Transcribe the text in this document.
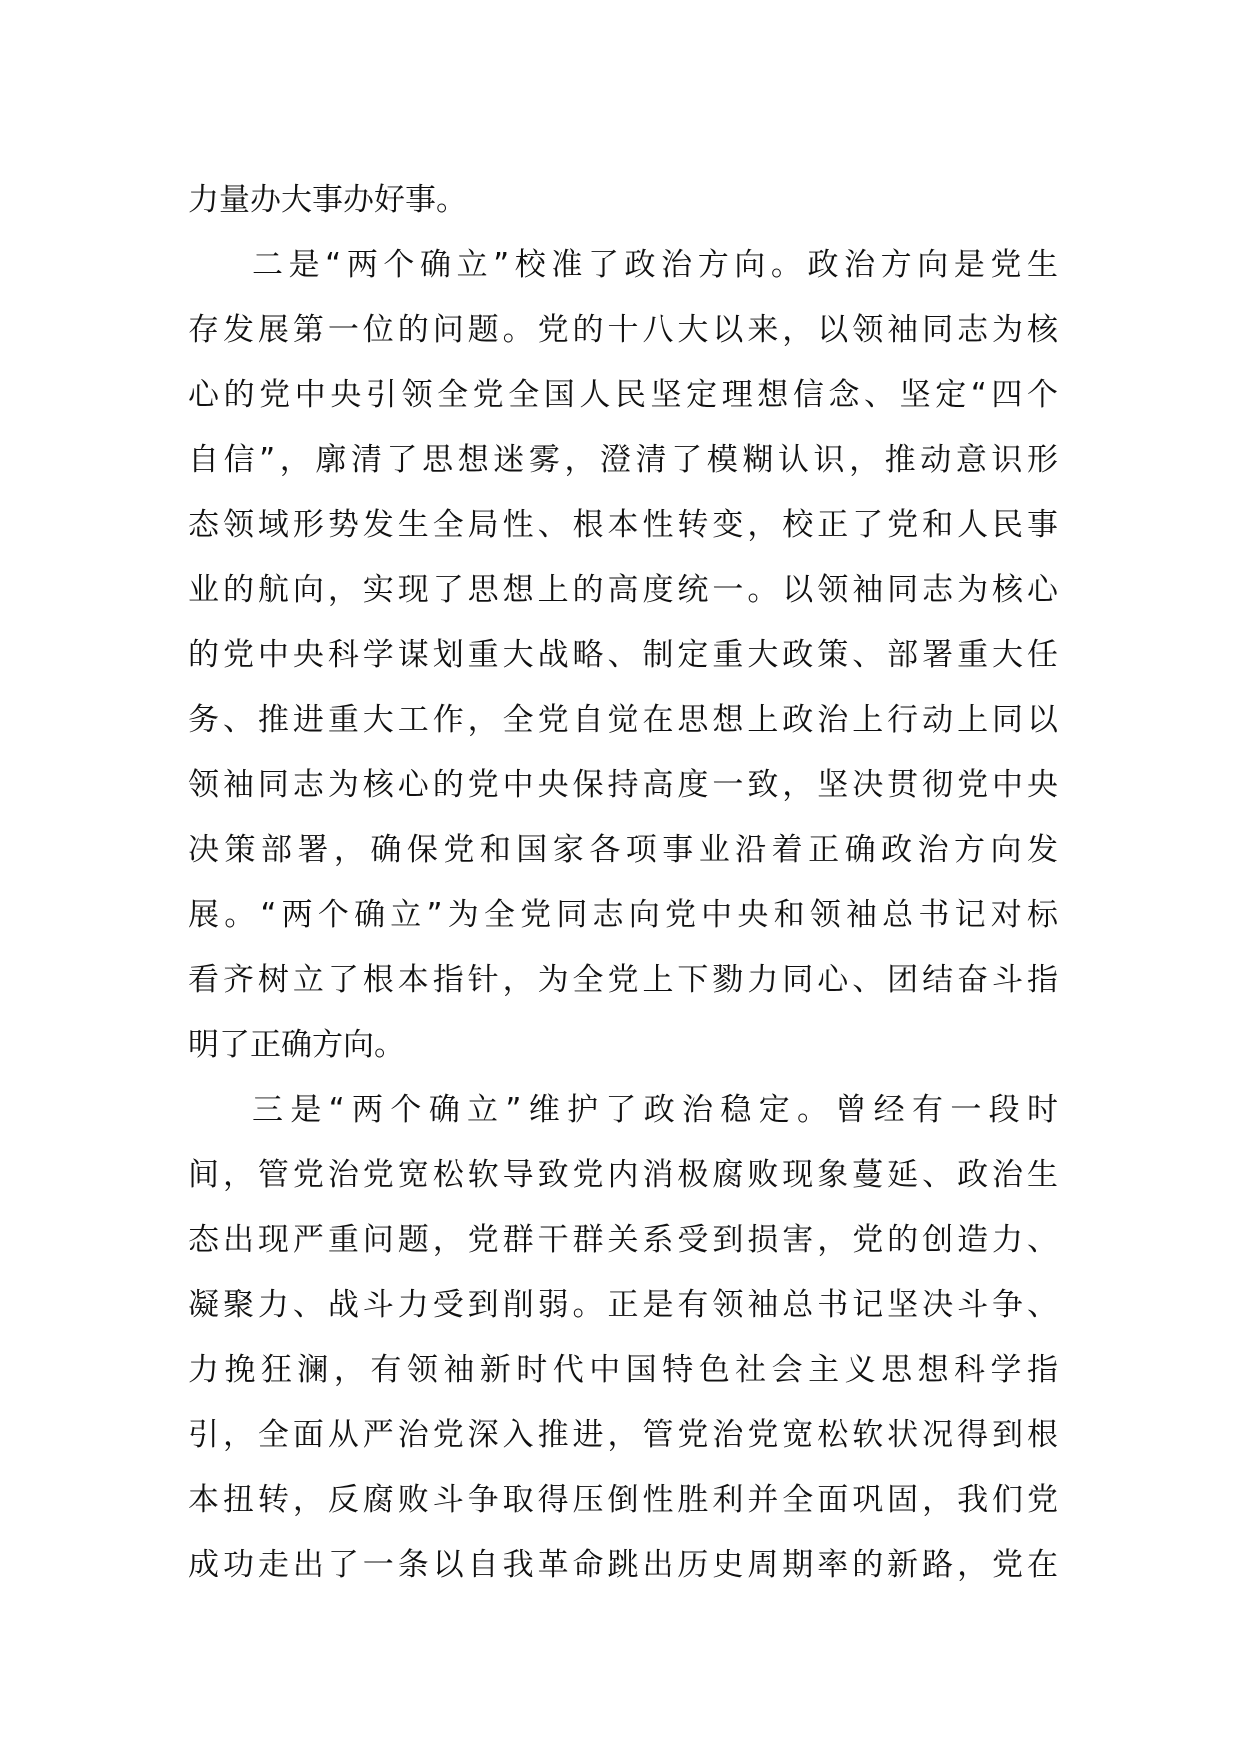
力量办大事办好事。
二是“两个确立”校准了政治方向。政治方向是党生
存发展第一位的问题。党的十八大以来，以领袖同志为核
心的党中央引领全党全国人民坚定理想信念、坚定“四个
自信”，廓清了思想迷雾，澄清了模糊认识，推动意识形
态领域形势发生全局性、根本性转变，校正了党和人民事
业的航向，实现了思想上的高度统一。以领袖同志为核心
的党中央科学谋划重大战略、制定重大政策、部署重大任
务、推进重大工作，全党自觉在思想上政治上行动上同以
领袖同志为核心的党中央保持高度一致，坚决贯彻党中央
决策部署，确保党和国家各项事业沿着正确政治方向发
展。“两个确立”为全党同志向党中央和领袖总书记对标
看齐树立了根本指针，为全党上下勠力同心、团结奋斗指
明了正确方向。
三是“两个确立”维护了政治稳定。曾经有一段时
间，管党治党宽松软导致党内消极腐败现象蔓延、政治生
态出现严重问题，党群干群关系受到损害，党的创造力、
凝聚力、战斗力受到削弱。正是有领袖总书记坚决斗争、
力挽狂澜，有领袖新时代中国特色社会主义思想科学指
引，全面从严治党深入推进，管党治党宽松软状况得到根
本扭转，反腐败斗争取得压倒性胜利并全面巩固，我们党
成功走出了一条以自我革命跳出历史周期率的新路，党在
